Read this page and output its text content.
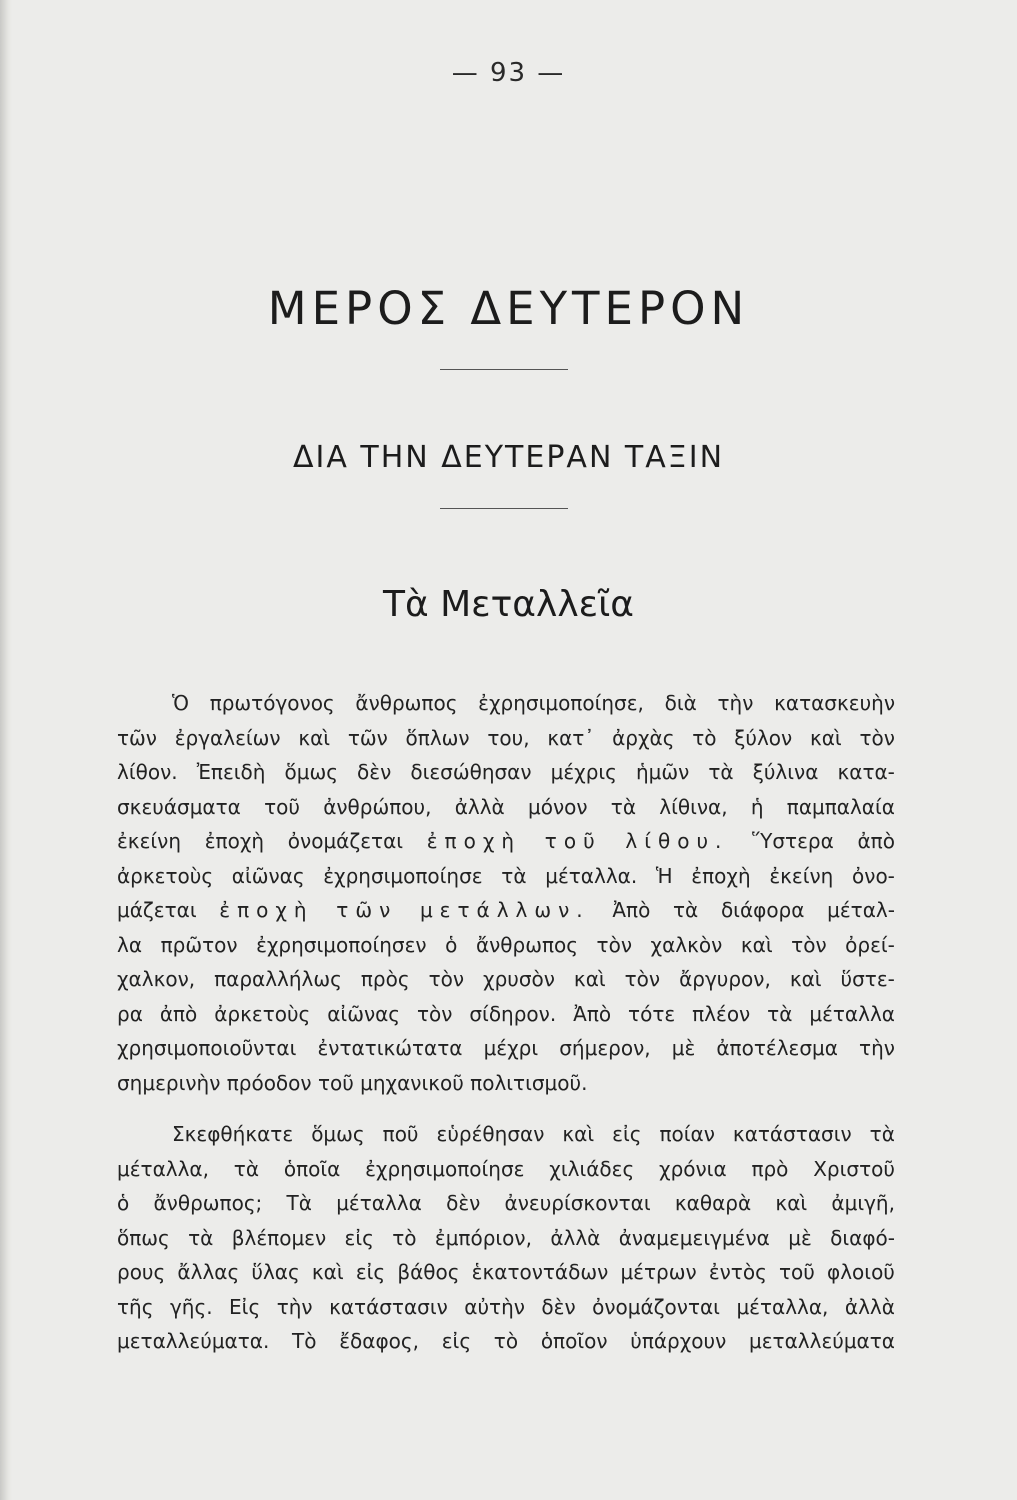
— 93 —
ΜΕΡΟΣ ΔΕΥΤΕΡΟΝ
ΔΙΑ ΤΗΝ ΔΕΥΤΕΡΑΝ ΤΑΞΙΝ
Τὰ Μεταλλεῖα
Ὁ πρωτόγονος ἄνθρωπος ἐχρησιμοποίησε, διὰ τὴν κατασκευὴν
τῶν ἐργαλείων καὶ τῶν ὅπλων του, κατ᾽ ἀρχὰς τὸ ξύλον καὶ τὸν
λίθον. Ἐπειδὴ ὅμως δὲν διεσώθησαν μέχρις ἡμῶν τὰ ξύλινα κατα-
σκευάσματα τοῦ ἀνθρώπου, ἀλλὰ μόνον τὰ λίθινα, ἡ παμπαλαία
ἐκείνη ἐποχὴ ὀνομάζεται ἐποχὴ τοῦ λίθου. Ὕστερα ἀπὸ
ἀρκετοὺς αἰῶνας ἐχρησιμοποίησε τὰ μέταλλα. Ἡ ἐποχὴ ἐκείνη ὀνο-
μάζεται ἐποχὴ τῶν μετάλλων. Ἀπὸ τὰ διάφορα μέταλ-
λα πρῶτον ἐχρησιμοποίησεν ὁ ἄνθρωπος τὸν χαλκὸν καὶ τὸν ὀρεί-
χαλκον, παραλλήλως πρὸς τὸν χρυσὸν καὶ τὸν ἄργυρον, καὶ ὕστε-
ρα ἀπὸ ἀρκετοὺς αἰῶνας τὸν σίδηρον. Ἀπὸ τότε πλέον τὰ μέταλλα
χρησιμοποιοῦνται ἐντατικώτατα μέχρι σήμερον, μὲ ἀποτέλεσμα τὴν
σημερινὴν πρόοδον τοῦ μηχανικοῦ πολιτισμοῦ.
Σκεφθήκατε ὅμως ποῦ εὑρέθησαν καὶ εἰς ποίαν κατάστασιν τὰ
μέταλλα, τὰ ὁποῖα ἐχρησιμοποίησε χιλιάδες χρόνια πρὸ Χριστοῦ
ὁ ἄνθρωπος; Τὰ μέταλλα δὲν ἀνευρίσκονται καθαρὰ καὶ ἀμιγῆ,
ὅπως τὰ βλέπομεν εἰς τὸ ἐμπόριον, ἀλλὰ ἀναμεμειγμένα μὲ διαφό-
ρους ἄλλας ὕλας καὶ εἰς βάθος ἑκατοντάδων μέτρων ἐντὸς τοῦ φλοιοῦ
τῆς γῆς. Εἰς τὴν κατάστασιν αὐτὴν δὲν ὀνομάζονται μέταλλα, ἀλλὰ
μεταλλεύματα. Τὸ ἔδαφος, εἰς τὸ ὁποῖον ὑπάρχουν μεταλλεύματα
